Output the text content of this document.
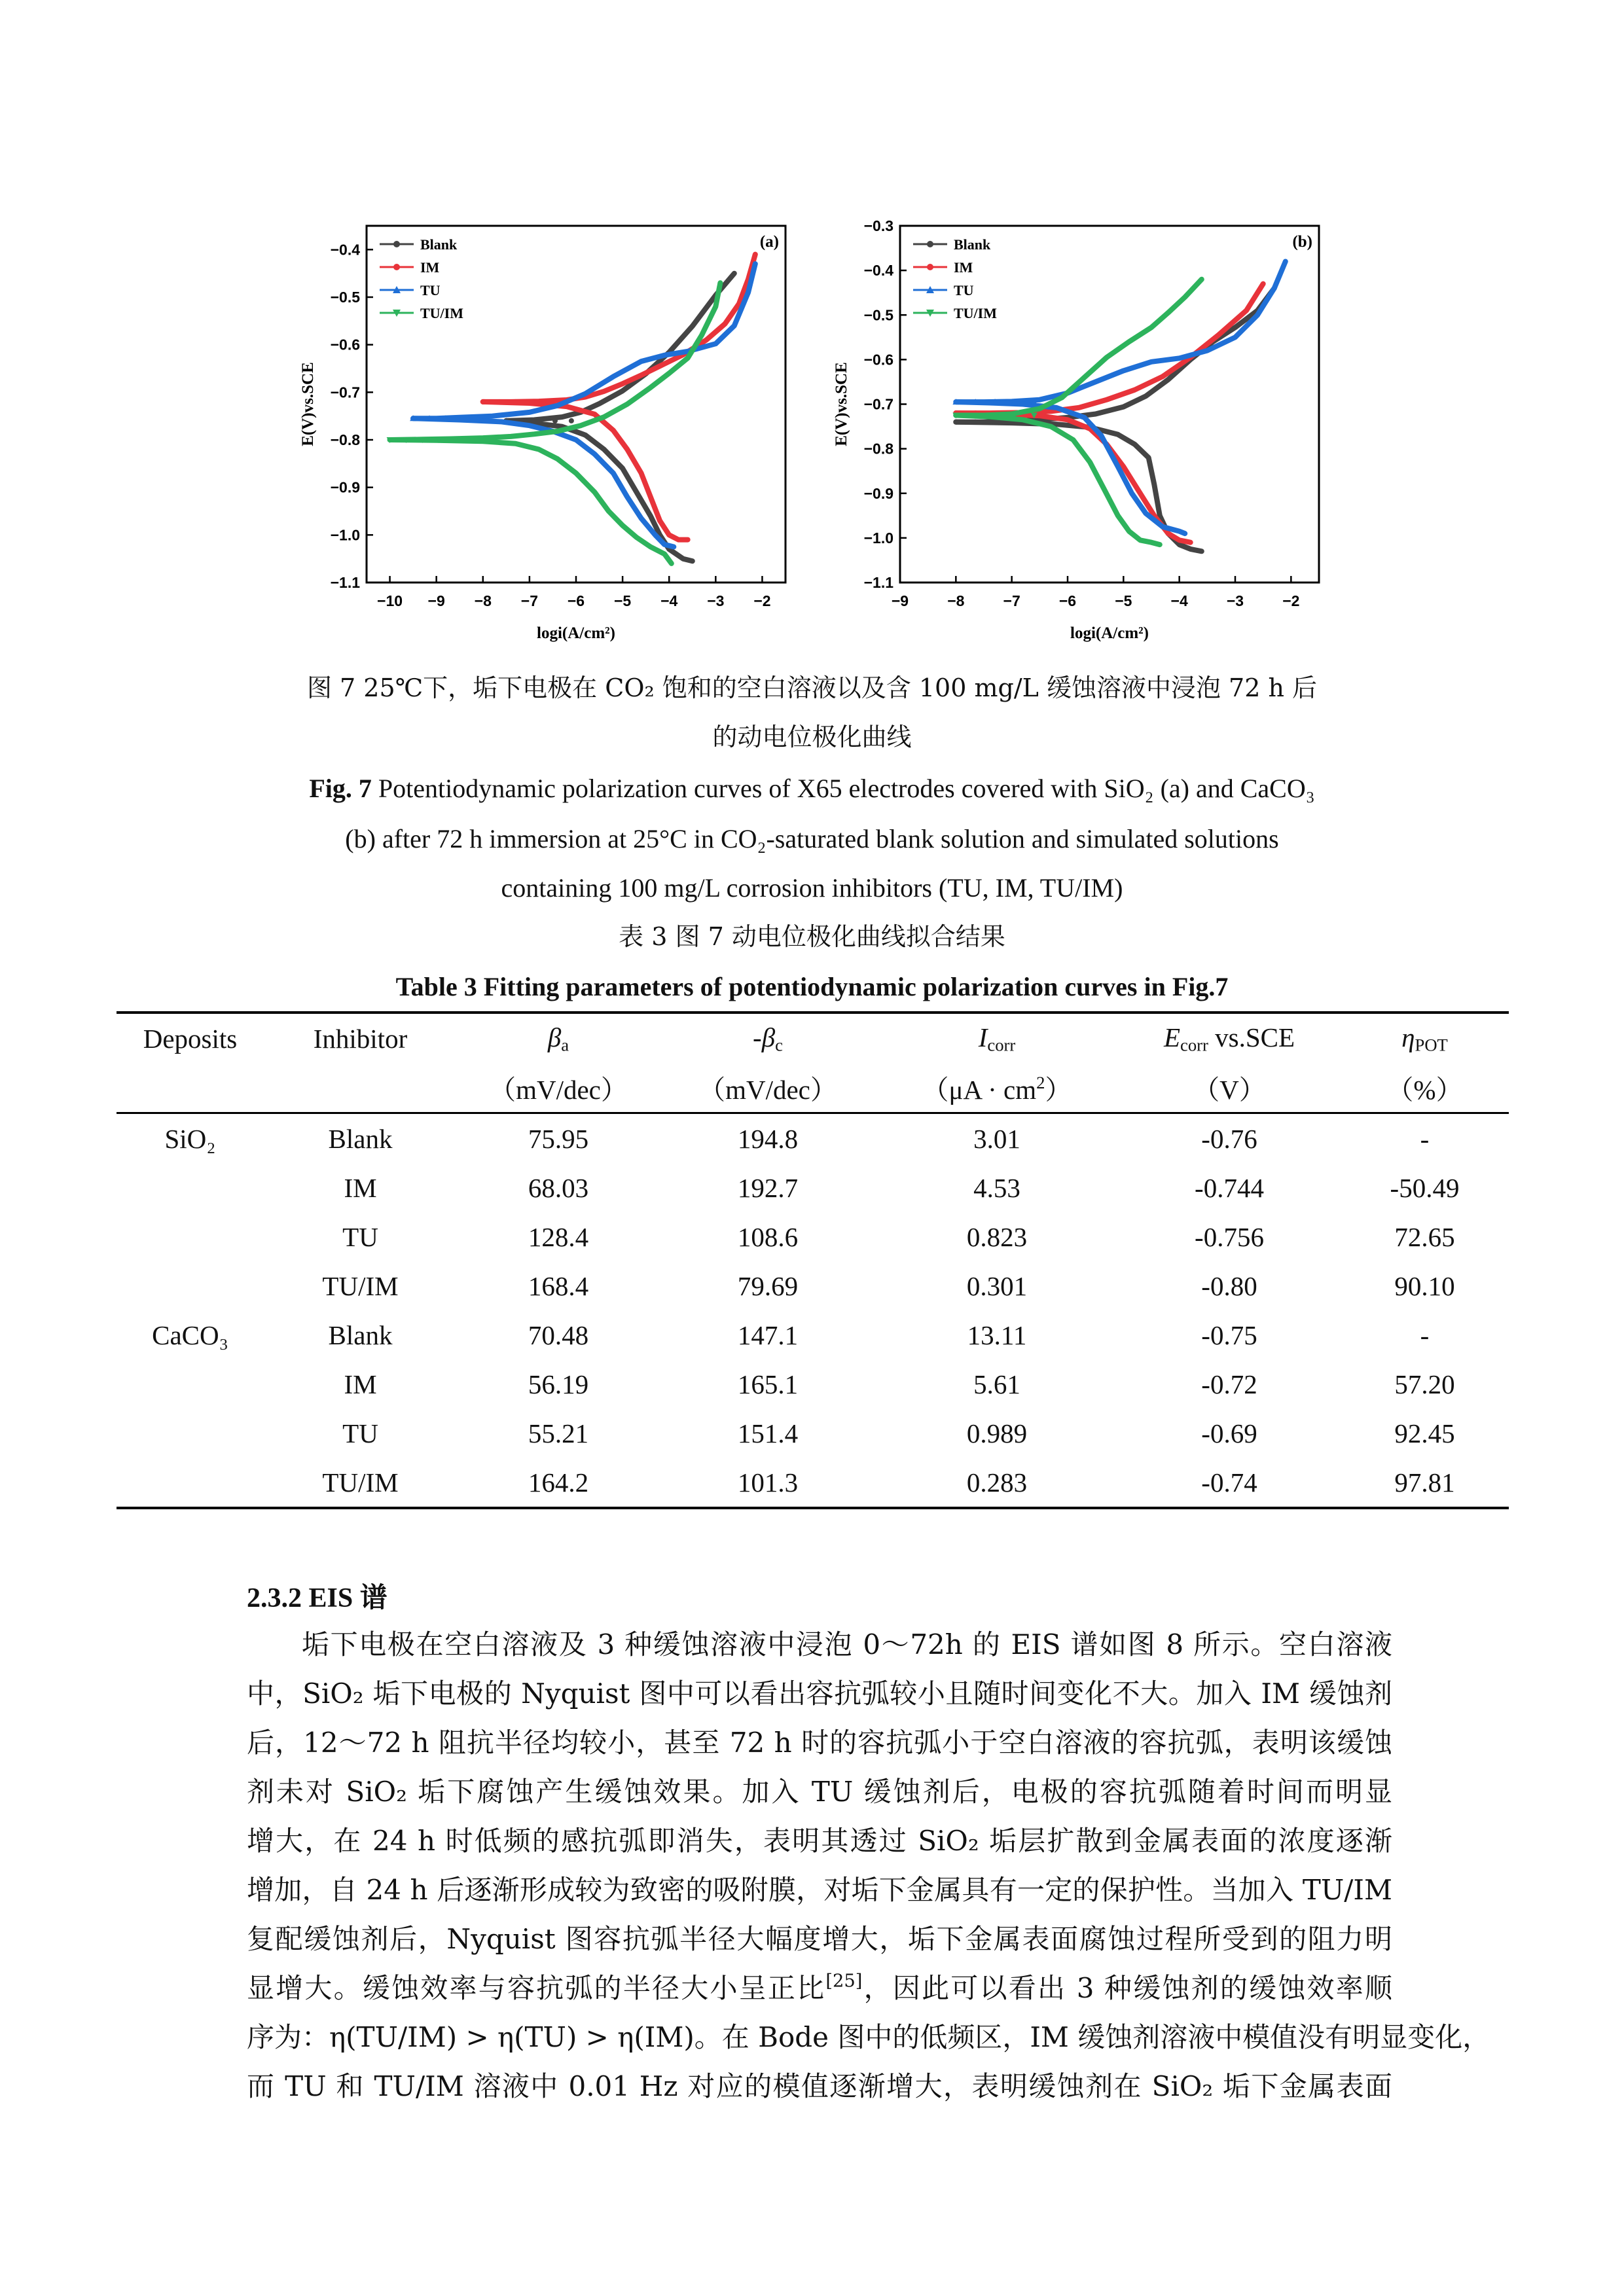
−10 −9 −8 −7 −6 −5 −4 −3 −2
−0.4
−0.5
−0.6
−0.7
−0.8
−0.9
−1.0
−1.1
logi(A/cm²)
E(V)vs.SCE
(a)
Blank
IM
TU
TU/IM
−9	−8	−7	−6	−5	−4	−3	−2
−0.3
−0.4
−0.5
−0.6
−0.7
−0.8
−0.9
−1.0
−1.1
logi(A/cm²)
E(V)vs.SCE
(b)
Blank
IM
TU
TU/IM
图 7 25℃下，垢下电极在 CO₂ 饱和的空白溶液以及含 100 mg/L 缓蚀溶液中浸泡 72 h 后
的动电位极化曲线
Fig. 7 Potentiodynamic polarization curves of X65 electrodes covered with SiO₂ (a) and CaCO₃
(b) after 72 h immersion at 25°C in CO₂-saturated blank solution and simulated solutions
containing 100 mg/L corrosion inhibitors (TU, IM, TU/IM)
表 3 图 7 动电位极化曲线拟合结果
Table 3 Fitting parameters of potentiodynamic polarization curves in Fig.7
Deposits	Inhibitor	$\beta_a$	$-\beta_c$	$I_{corr}$	$E_{corr}$ vs.SCE	$\eta_{POT}$
		（mV/dec）	（mV/dec）	$(\mu A \cdot cm^2)$	（V）	（%）
SiO₂	Blank	75.95	194.8	3.01	-0.76	-
	IM	68.03	192.7	4.53	-0.744	-50.49
	TU	128.4	108.6	0.823	-0.756	72.65
	TU/IM	168.4	79.69	0.301	-0.80	90.10
CaCO₃	Blank	70.48	147.1	13.11	-0.75	-
	IM	56.19	165.1	5.61	-0.72	57.20
	TU	55.21	151.4	0.989	-0.69	92.45
	TU/IM	164.2	101.3	0.283	-0.74	97.81
2.3.2 EIS 谱

垢下电极在空白溶液及 3 种缓蚀溶液中浸泡 0～72h 的 EIS 谱如图 8 所示。空白溶液

中，SiO₂ 垢下电极的 Nyquist 图中可以看出容抗弧较小且随时间变化不大。加入 IM 缓蚀剂

后，12～72 h 阻抗半径均较小，甚至 72 h 时的容抗弧小于空白溶液的容抗弧，表明该缓蚀

剂未对 SiO₂ 垢下腐蚀产生缓蚀效果。加入 TU 缓蚀剂后，电极的容抗弧随着时间而明显

增大，在 24 h 时低频的感抗弧即消失，表明其透过 SiO₂ 垢层扩散到金属表面的浓度逐渐

增加，自 24 h 后逐渐形成较为致密的吸附膜，对垢下金属具有一定的保护性。当加入 TU/IM

复配缓蚀剂后，Nyquist 图容抗弧半径大幅度增大，垢下金属表面腐蚀过程所受到的阻力明

显增大。缓蚀效率与容抗弧的半径大小呈正比[25]，因此可以看出 3 种缓蚀剂的缓蚀效率顺

序为：η(TU/IM) > η(TU) > η(IM)。在 Bode 图中的低频区，IM 缓蚀剂溶液中模值没有明显变化，

而 TU 和 TU/IM 溶液中 0.01 Hz 对应的模值逐渐增大，表明缓蚀剂在 SiO₂ 垢下金属表面
